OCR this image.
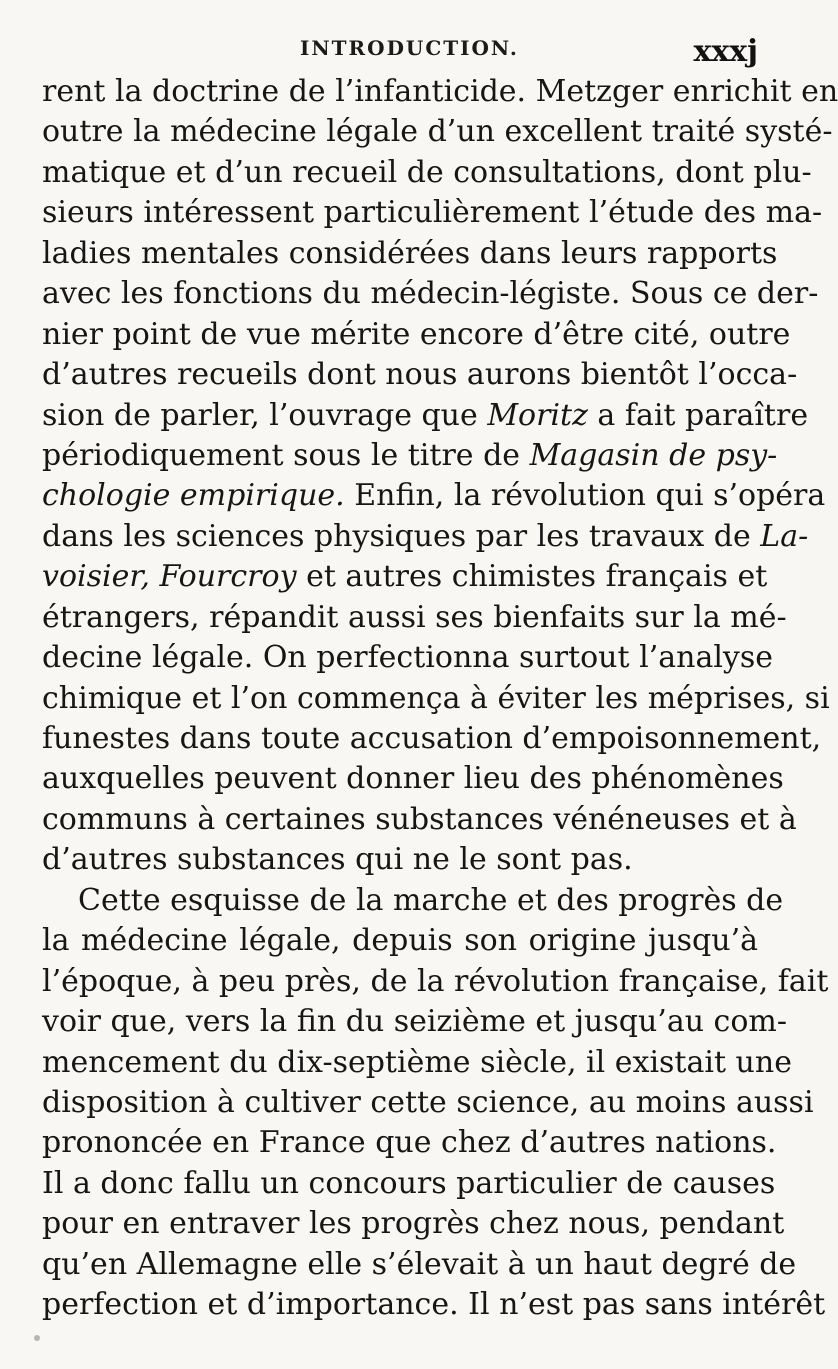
INTRODUCTION.	xxxj
rent la doctrine de l’infanticide. Metzger enrichit en
outre la médecine légale d’un excellent traité systé-
matique et d’un recueil de consultations, dont plu-
sieurs intéressent particulièrement l’étude des ma-
ladies mentales considérées dans leurs rapports
avec les fonctions du médecin-légiste. Sous ce der-
nier point de vue mérite encore d’être cité, outre
d’autres recueils dont nous aurons bientôt l’occa-
sion de parler, l’ouvrage que Moritz a fait paraître
périodiquement sous le titre de Magasin de psy-
chologie empirique. Enfin, la révolution qui s’opéra
dans les sciences physiques par les travaux de La-
voisier, Fourcroy et autres chimistes français et
étrangers, répandit aussi ses bienfaits sur la mé-
decine légale. On perfectionna surtout l’analyse
chimique et l’on commença à éviter les méprises, si
funestes dans toute accusation d’empoisonnement,
auxquelles peuvent donner lieu des phénomènes
communs à certaines substances vénéneuses et à
d’autres substances qui ne le sont pas.
Cette esquisse de la marche et des progrès de
la médecine légale, depuis son origine jusqu’à
l’époque, à peu près, de la révolution française, fait
voir que, vers la fin du seizième et jusqu’au com-
mencement du dix-septième siècle, il existait une
disposition à cultiver cette science, au moins aussi
prononcée en France que chez d’autres nations.
Il a donc fallu un concours particulier de causes
pour en entraver les progrès chez nous, pendant
qu’en Allemagne elle s’élevait à un haut degré de
perfection et d’importance. Il n’est pas sans intérêt
